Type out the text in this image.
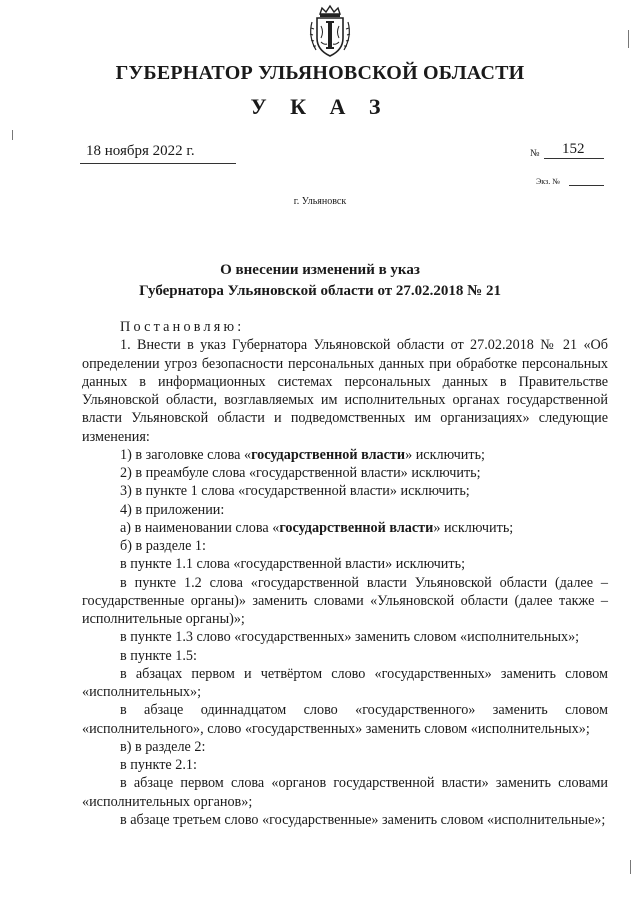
ГУБЕРНАТОР УЛЬЯНОВСКОЙ ОБЛАСТИ
У К А З
18 ноября 2022 г.	№ 152
Экз. №
г. Ульяновск
О внесении изменений в указ
Губернатора Ульяновской области от 27.02.2018 № 21

Постановляю:

1. Внести в указ Губернатора Ульяновской области от 27.02.2018 № 21 «Об определении угроз безопасности персональных данных при обработке персональных данных в информационных системах персональных данных в Правительстве Ульяновской области, возглавляемых им исполнительных органах государственной власти Ульяновской области и подведомственных им организациях» следующие изменения:

1) в заголовке слова «государственной власти» исключить;

2) в преамбуле слова «государственной власти» исключить;

3) в пункте 1 слова «государственной власти» исключить;

4) в приложении:

а) в наименовании слова «государственной власти» исключить;

б) в разделе 1:

в пункте 1.1 слова «государственной власти» исключить;

в пункте 1.2 слова «государственной власти Ульяновской области (далее – государственные органы)» заменить словами «Ульяновской области (далее также – исполнительные органы)»;

в пункте 1.3 слово «государственных» заменить словом «исполнительных»;

в пункте 1.5:

в абзацах первом и четвёртом слово «государственных» заменить словом «исполнительных»;

в абзаце одиннадцатом слово «государственного» заменить словом «исполнительного», слово «государственных» заменить словом «исполнительных»;

в) в разделе 2:

в пункте 2.1:

в абзаце первом слова «органов государственной власти» заменить словами «исполнительных органов»;

в абзаце третьем слово «государственные» заменить словом «исполнительные»;
